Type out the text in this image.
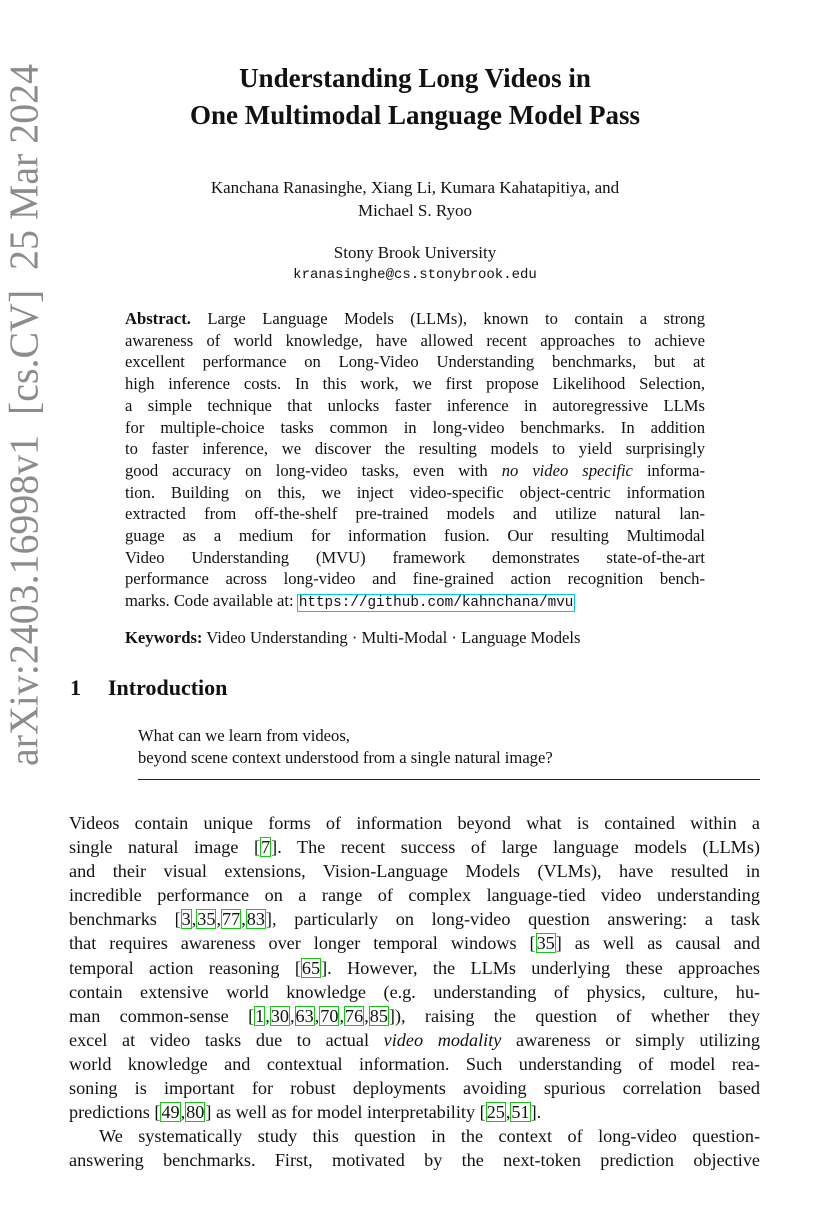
arXiv:2403.16998v1  [cs.CV]  25 Mar 2024	Understanding Long Videos in
One Multimodal Language Model Pass
Kanchana Ranasinghe, Xiang Li, Kumara Kahatapitiya, and
Michael S. Ryoo
Stony Brook University
kranasinghe@cs.stonybrook.edu
Abstract. Large Language Models (LLMs), known to contain a strong
awareness of world knowledge, have allowed recent approaches to achieve
excellent performance on Long-Video Understanding benchmarks, but at
high inference costs. In this work, we first propose Likelihood Selection,
a simple technique that unlocks faster inference in autoregressive LLMs
for multiple-choice tasks common in long-video benchmarks. In addition
to faster inference, we discover the resulting models to yield surprisingly
good accuracy on long-video tasks, even with no video specific informa-
tion. Building on this, we inject video-specific object-centric information
extracted from off-the-shelf pre-trained models and utilize natural lan-
guage as a medium for information fusion. Our resulting Multimodal
Video Understanding (MVU) framework demonstrates state-of-the-art
performance across long-video and fine-grained action recognition bench-
marks. Code available at: https://github.com/kahnchana/mvu
Keywords: Video Understanding · Multi-Modal · Language Models
1 Introduction
What can we learn from videos,
beyond scene context understood from a single natural image?
Videos contain unique forms of information beyond what is contained within a
single natural image [7]. The recent success of large language models (LLMs)
and their visual extensions, Vision-Language Models (VLMs), have resulted in
incredible performance on a range of complex language-tied video understanding
benchmarks [3,35,77,83], particularly on long-video question answering: a task
that requires awareness over longer temporal windows [35] as well as causal and
temporal action reasoning [65]. However, the LLMs underlying these approaches
contain extensive world knowledge (e.g. understanding of physics, culture, hu-
man common-sense [1,30,63,70,76,85]), raising the question of whether they
excel at video tasks due to actual video modality awareness or simply utilizing
world knowledge and contextual information. Such understanding of model rea-
soning is important for robust deployments avoiding spurious correlation based
predictions [49,80] as well as for model interpretability [25,51].
We systematically study this question in the context of long-video question-
answering benchmarks. First, motivated by the next-token prediction objective
